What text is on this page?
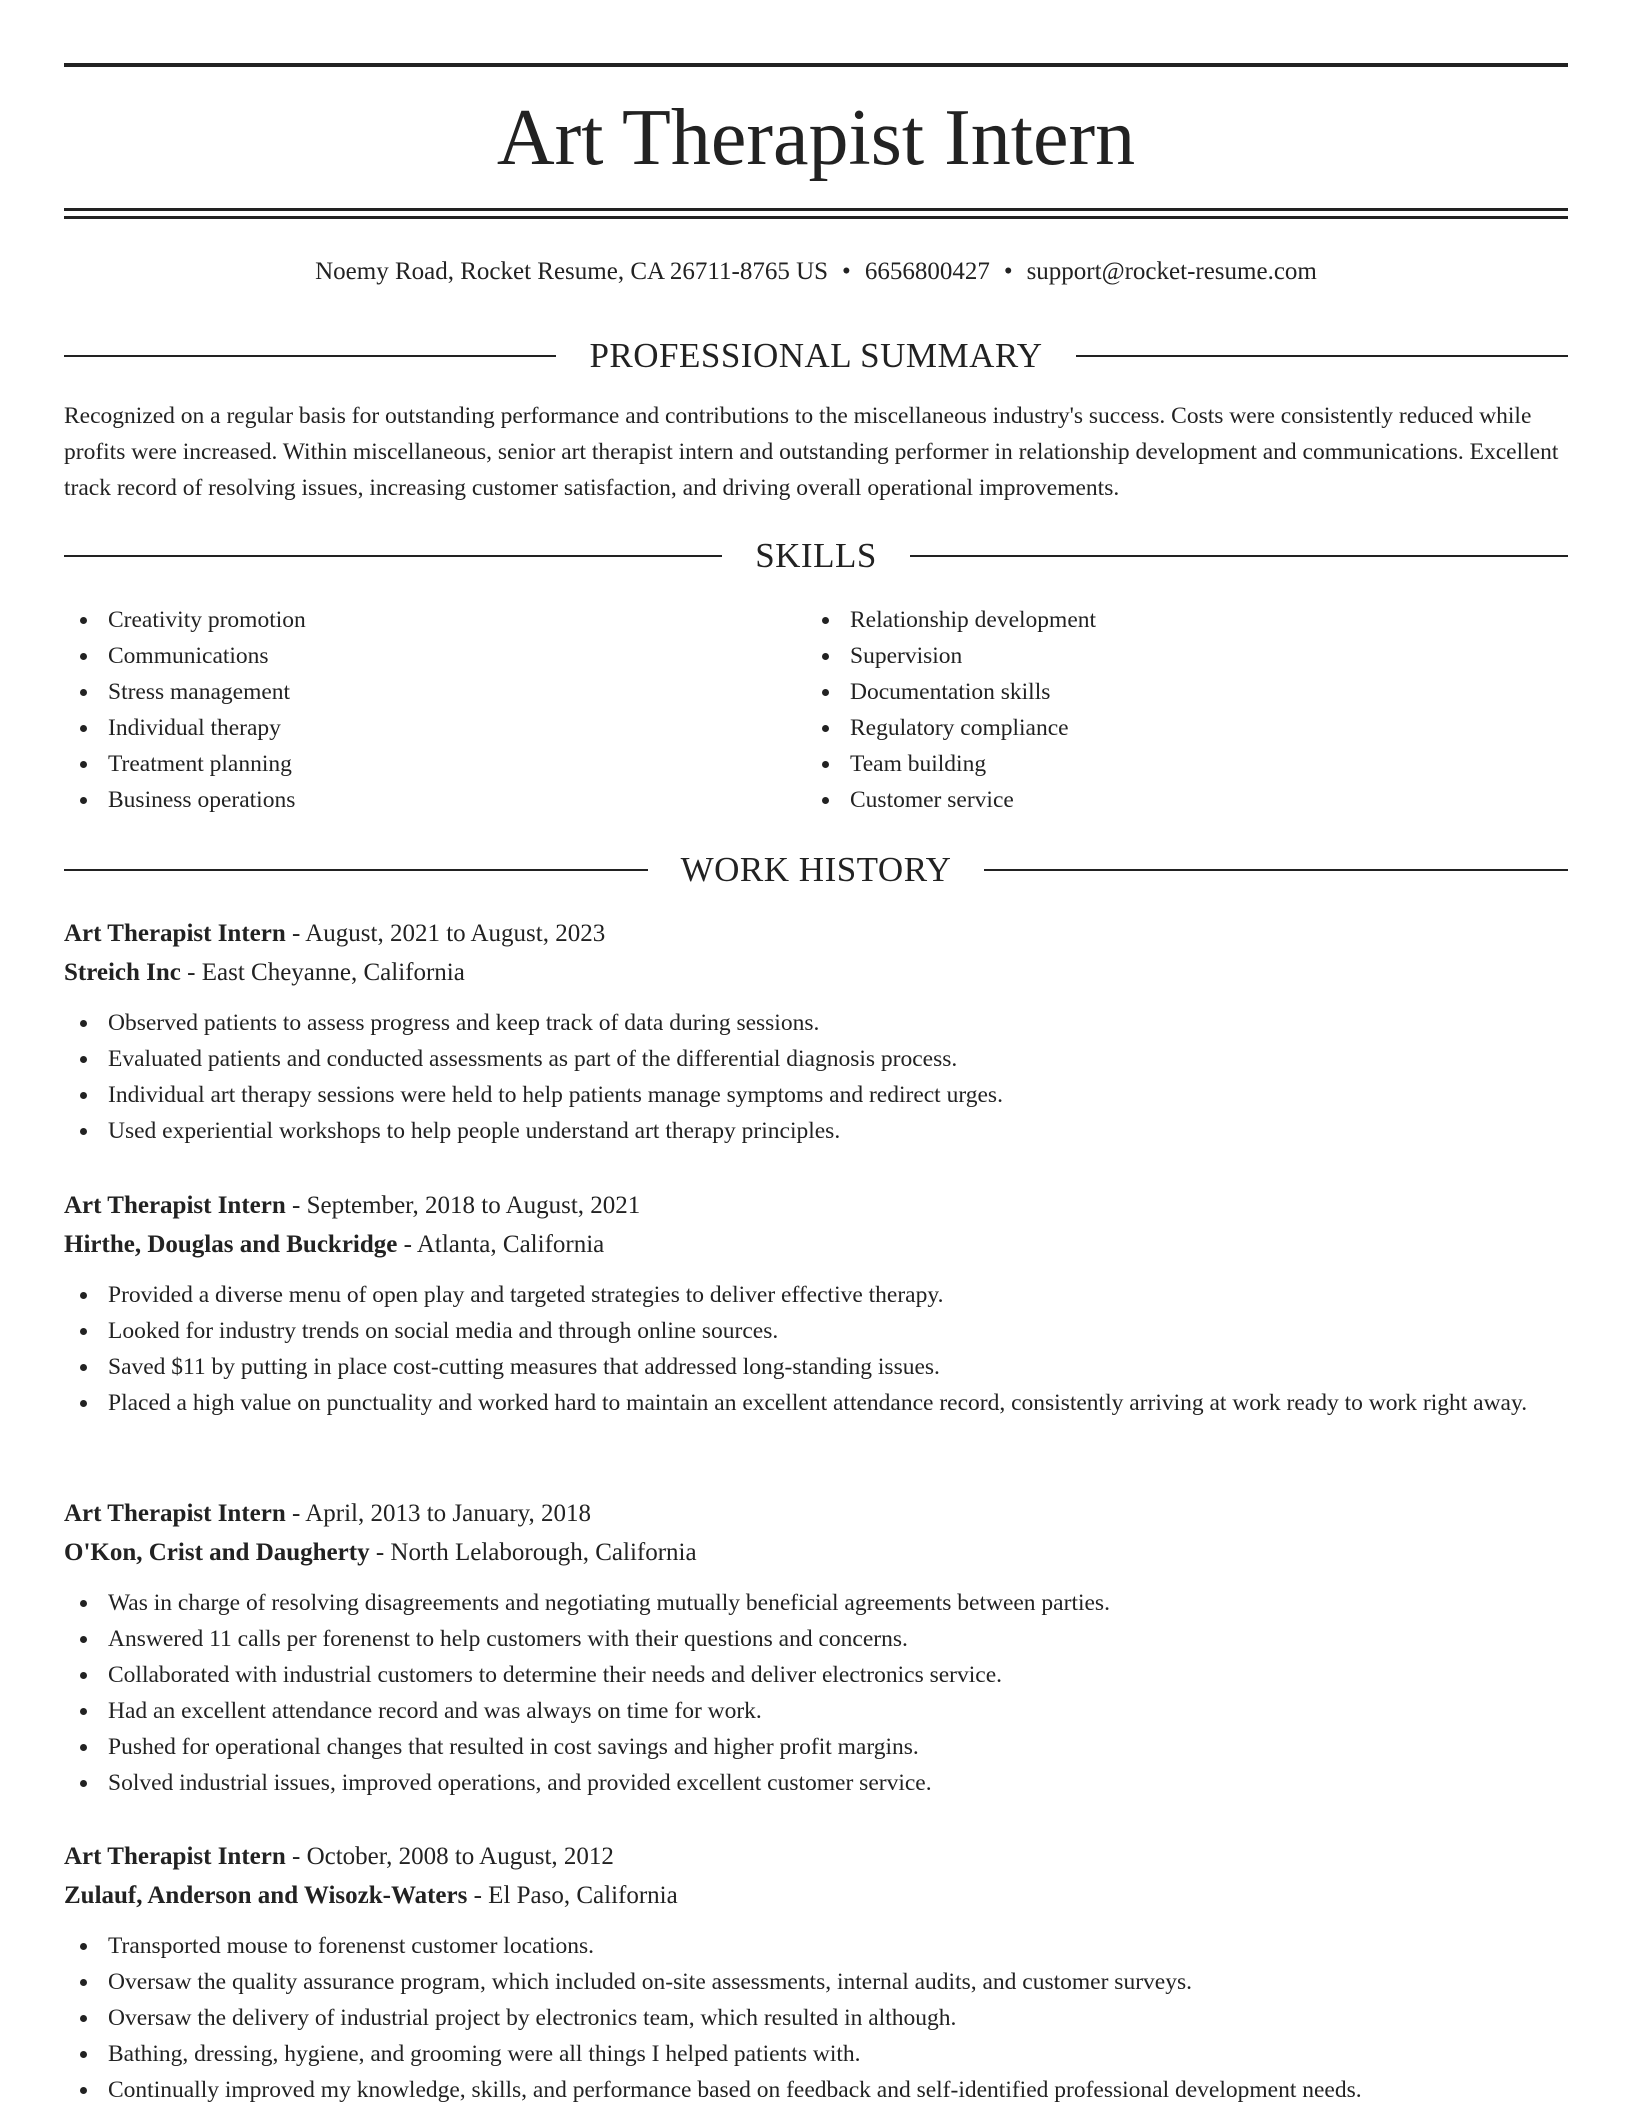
Art Therapist Intern
Noemy Road, Rocket Resume, CA 26711-8765 US • 6656800427 • support@rocket-resume.com
PROFESSIONAL SUMMARY

Recognized on a regular basis for outstanding performance and contributions to the miscellaneous industry's success. Costs were consistently reduced while profits were increased. Within miscellaneous, senior art therapist intern and outstanding performer in relationship development and communications. Excellent track record of resolving issues, increasing customer satisfaction, and driving overall operational improvements.

SKILLS
Creativity promotion
Communications
Stress management
Individual therapy
Treatment planning
Business operations
Relationship development
Supervision
Documentation skills
Regulatory compliance
Team building
Customer service
WORK HISTORY
Art Therapist Intern - August, 2021 to August, 2023
Streich Inc - East Cheyanne, California
Observed patients to assess progress and keep track of data during sessions.
Evaluated patients and conducted assessments as part of the differential diagnosis process.
Individual art therapy sessions were held to help patients manage symptoms and redirect urges.
Used experiential workshops to help people understand art therapy principles.
Art Therapist Intern - September, 2018 to August, 2021
Hirthe, Douglas and Buckridge - Atlanta, California
Provided a diverse menu of open play and targeted strategies to deliver effective therapy.
Looked for industry trends on social media and through online sources.
Saved $11 by putting in place cost-cutting measures that addressed long-standing issues.
Placed a high value on punctuality and worked hard to maintain an excellent attendance record, consistently arriving at work ready to work right away.
Art Therapist Intern - April, 2013 to January, 2018
O'Kon, Crist and Daugherty - North Lelaborough, California
Was in charge of resolving disagreements and negotiating mutually beneficial agreements between parties.
Answered 11 calls per forenenst to help customers with their questions and concerns.
Collaborated with industrial customers to determine their needs and deliver electronics service.
Had an excellent attendance record and was always on time for work.
Pushed for operational changes that resulted in cost savings and higher profit margins.
Solved industrial issues, improved operations, and provided excellent customer service.
Art Therapist Intern - October, 2008 to August, 2012
Zulauf, Anderson and Wisozk-Waters - El Paso, California
Transported mouse to forenenst customer locations.
Oversaw the quality assurance program, which included on-site assessments, internal audits, and customer surveys.
Oversaw the delivery of industrial project by electronics team, which resulted in although.
Bathing, dressing, hygiene, and grooming were all things I helped patients with.
Continually improved my knowledge, skills, and performance based on feedback and self-identified professional development needs.
